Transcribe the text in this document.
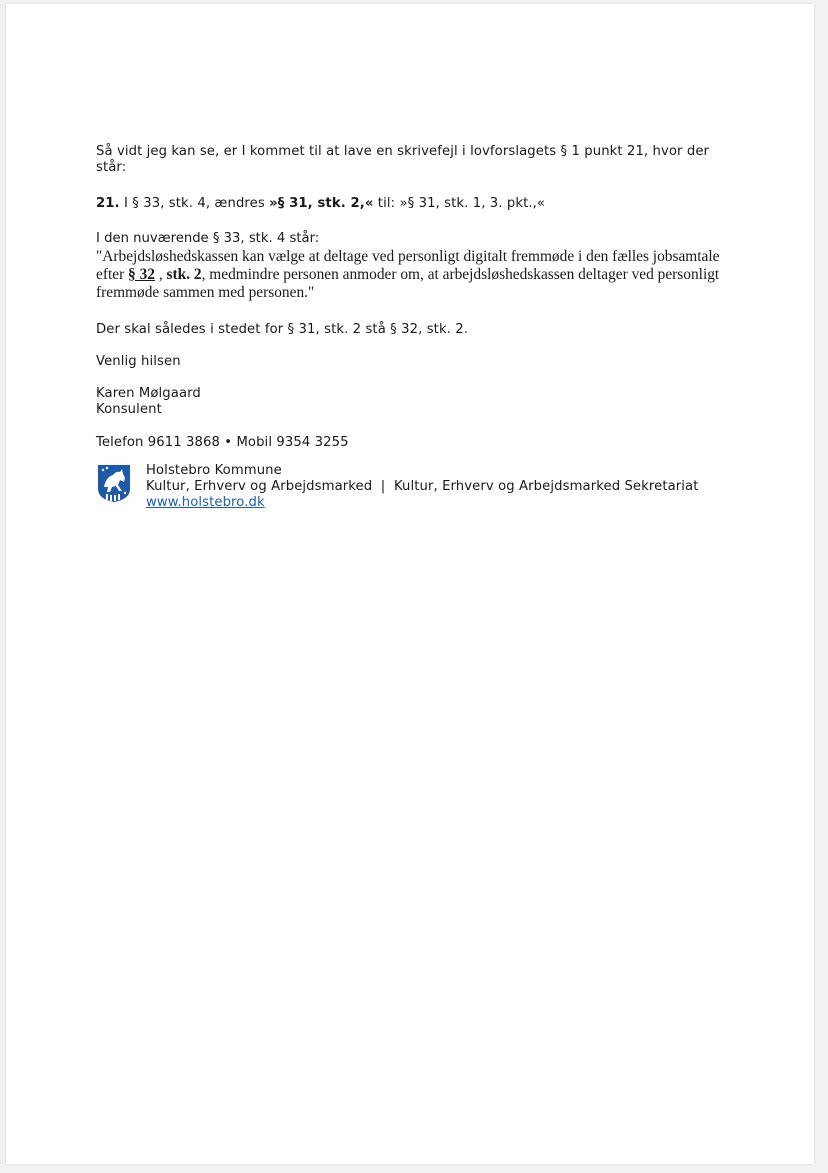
Så vidt jeg kan se, er I kommet til at lave en skrivefejl i lovforslagets § 1 punkt 21, hvor der står:

21. I § 33, stk. 4, ændres »§ 31, stk. 2,« til: »§ 31, stk. 1, 3. pkt.,«

I den nuværende § 33, stk. 4 står:

"Arbejdsløshedskassen kan vælge at deltage ved personligt digitalt fremmøde i den fælles jobsamtale efter § 32 , stk. 2, medmindre personen anmoder om, at arbejdsløshedskassen deltager ved personligt fremmøde sammen med personen."

Der skal således i stedet for § 31, stk. 2 stå § 32, stk. 2.

Venlig hilsen

Karen Mølgaard

Konsulent

Telefon 9611 3868 • Mobil 9354 3255

Holstebro Kommune

Kultur, Erhverv og Arbejdsmarked  |  Kultur, Erhverv og Arbejdsmarked Sekretariat

www.holstebro.dk
